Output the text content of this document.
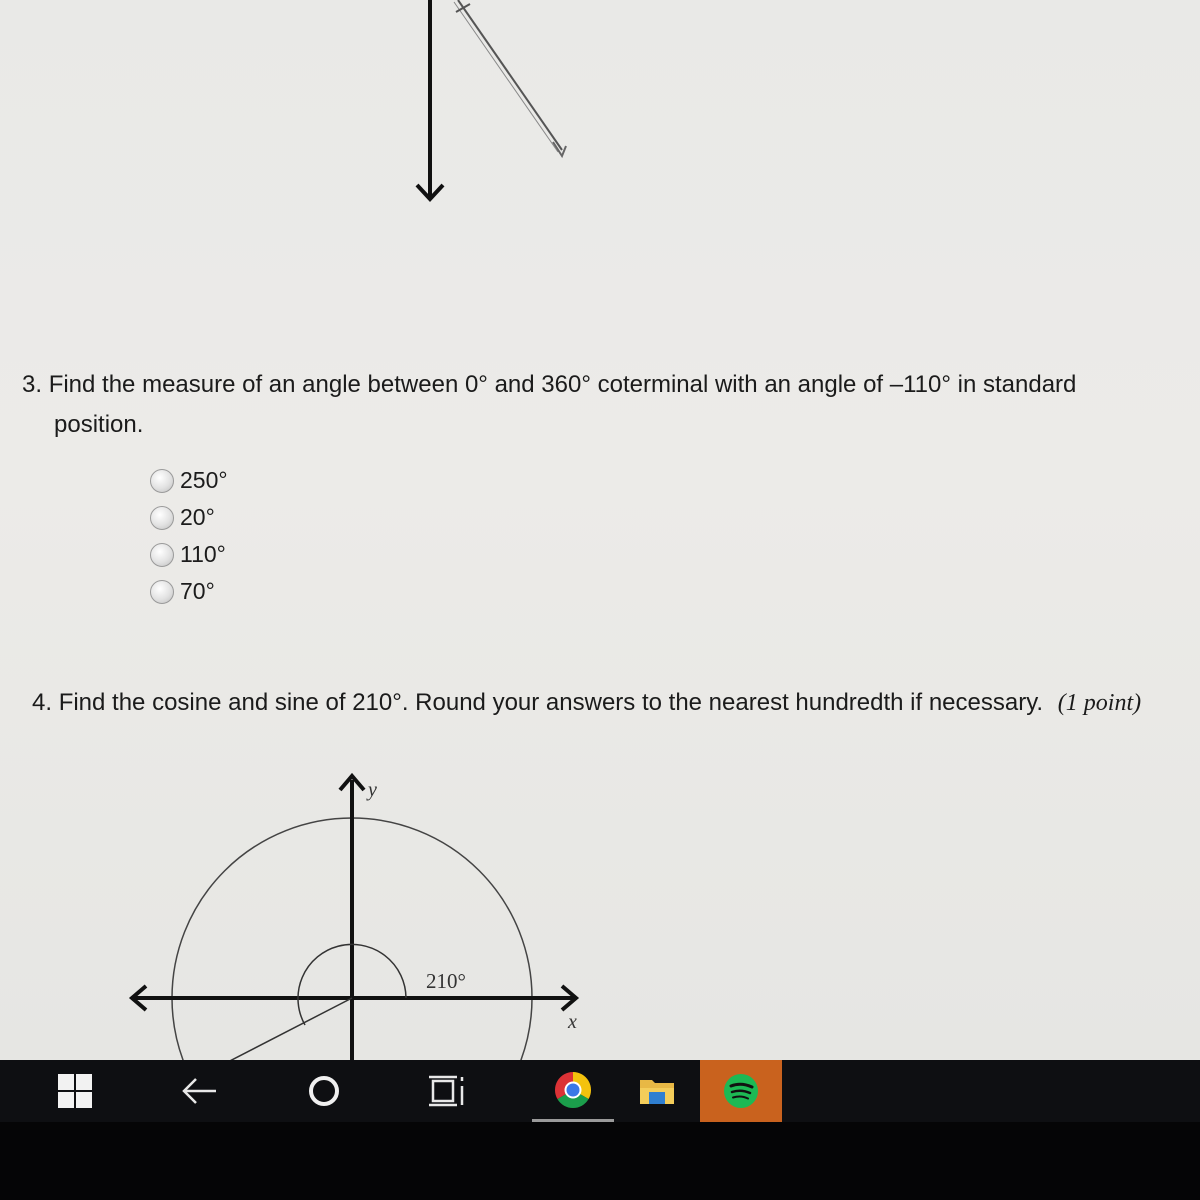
3. Find the measure of an angle between 0° and 360° coterminal with an angle of –110° in standard
position.
250°
20°
110°
70°
4. Find the cosine and sine of 210°. Round your answers to the nearest hundredth if necessary. (1 point)
210°
y
x
